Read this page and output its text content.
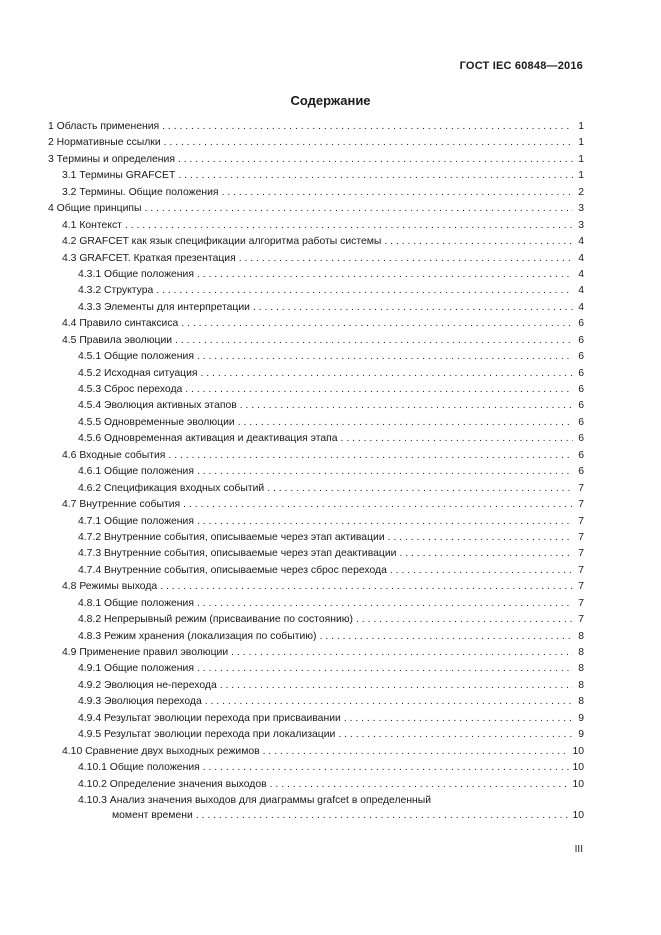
ГОСТ IEC 60848—2016
Содержание
1 Область применения . . .	1
2 Нормативные ссылки . . .	1
3 Термины и определения . . .	1
3.1 Термины GRAFCET . . .	1
3.2 Термины. Общие положения . . .	2
4 Общие принципы . . .	3
4.1 Контекст . . .	3
4.2 GRAFCET как язык спецификации алгоритма работы системы . . .	4
4.3 GRAFCET. Краткая презентация . . .	4
4.3.1 Общие положения . . .	4
4.3.2 Структура . . .	4
4.3.3 Элементы для интерпретации . . .	4
4.4 Правило синтаксиса . . .	6
4.5 Правила эволюции . . .	6
4.5.1 Общие положения . . .	6
4.5.2 Исходная ситуация . . .	6
4.5.3 Сброс перехода . . .	6
4.5.4 Эволюция активных этапов . . .	6
4.5.5 Одновременные эволюции . . .	6
4.5.6 Одновременная активация и деактивация этапа . . .	6
4.6 Входные события . . .	6
4.6.1 Общие положения . . .	6
4.6.2 Спецификация входных событий . . .	7
4.7 Внутренние события . . .	7
4.7.1 Общие положения . . .	7
4.7.2 Внутренние события, описываемые через этап активации . . .	7
4.7.3 Внутренние события, описываемые через этап деактивации . . .	7
4.7.4 Внутренние события, описываемые через сброс перехода . . .	7
4.8 Режимы выхода . . .	7
4.8.1 Общие положения . . .	7
4.8.2 Непрерывный режим (присваивание по состоянию) . . .	7
4.8.3 Режим хранения (локализация по событию) . . .	8
4.9 Применение правил эволюции . . .	8
4.9.1 Общие положения . . .	8
4.9.2 Эволюция не-перехода . . .	8
4.9.3 Эволюция перехода . . .	8
4.9.4 Результат эволюции перехода при присваивании . . .	9
4.9.5 Результат эволюции перехода при локализации . . .	9
4.10 Сравнение двух выходных режимов . . .	10
4.10.1 Общие положения . . .	10
4.10.2 Определение значения выходов . . .	10
4.10.3 Анализ значения выходов для диаграммы grafcet в определенный
момент времени . . .	10
III
